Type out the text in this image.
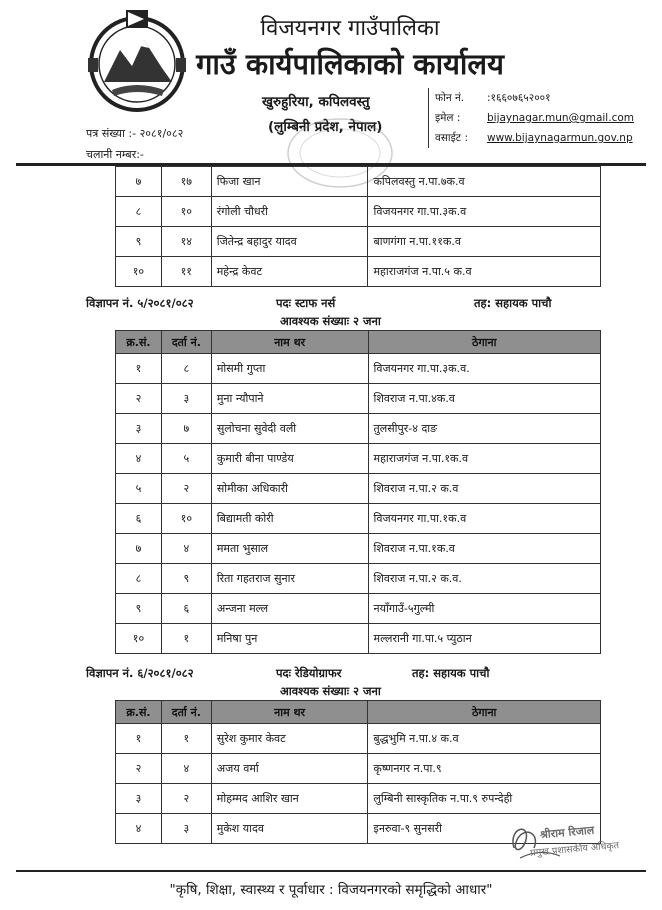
विजयनगर गाउँपालिका
गाउँ कार्यपालिकाको कार्यालय
खुरुहुरिया, कपिलवस्तु
(लुम्बिनी प्रदेश, नेपाल)
फोन नं. :१६६०७६५२००१
इमेल :	bijaynagar.mun@gmail.com
वसाईट : www.bijaynagarmun.gov.np
पत्र संख्या :- २०८१/०८२
चलानी नम्बर:-
७	१७	फिजा खान	कपिलवस्तु न.पा.७क.व
८	१०	रंगोली चौधरी	विजयनगर गा.पा.३क.व
९	१४	जितेन्द्र बहादुर यादव	बाणगंगा न.पा.११क.व
१०	११	महेन्द्र केवट	महाराजगंज न.पा.५ क.व
विज्ञापन नं. ५/२०८१/०८२	पदः स्टाफ नर्स	तह: सहायक पाचौ
आवश्यक संख्याः २ जना
क्र.सं.	दर्ता नं.	नाम थर	ठेगाना
१	८	मोसमी गुप्ता	विजयनगर गा.पा.३क.व.
२	३	मुना न्यौपाने	शिवराज न.पा.४क.व
३	७	सुलोचना सुवेदी वली	तुलसीपुर-४ दाङ
४	५	कुमारी बीना पाण्डेय	महाराजगंज न.पा.१क.व
५	२	सोमीका अधिकारी	शिवराज न.पा.२ क.व
६	१०	बिद्यामती कोरी	विजयनगर गा.पा.१क.व
७	४	ममता भुसाल	शिवराज न.पा.१क.व
८	९	रिता गहतराज सुनार	शिवराज न.पा.२ क.व.
९	६	अन्जना मल्ल	नयाँगाउँ-५गुल्मी
१०	१	मनिषा पुन	मल्लरानी गा.पा.५ प्युठान
विज्ञापन नं. ६/२०८१/०८२	पदः रेडियोग्राफर	तह: सहायक पाचौ
आवश्यक संख्याः २ जना
क्र.सं.	दर्ता नं.	नाम थर	ठेगाना
१	१	सुरेश कुमार केवट	बुद्धभुमि न.पा.४ क.व
२	४	अजय वर्मा	कृष्णनगर न.पा.९
३	२	मोहम्मद आशिर खान	लुम्बिनी सास्कृतिक न.पा.९ रुपन्देही
४	३	मुकेश यादव	इनरुवा-९ सुनसरी	श्रीराम रिजाल
प्रमुख प्रशासकीय अधिकृत
"कृषि, शिक्षा, स्वास्थ्य र पूर्वाधार : विजयनगरको समृद्धिको आधार"
